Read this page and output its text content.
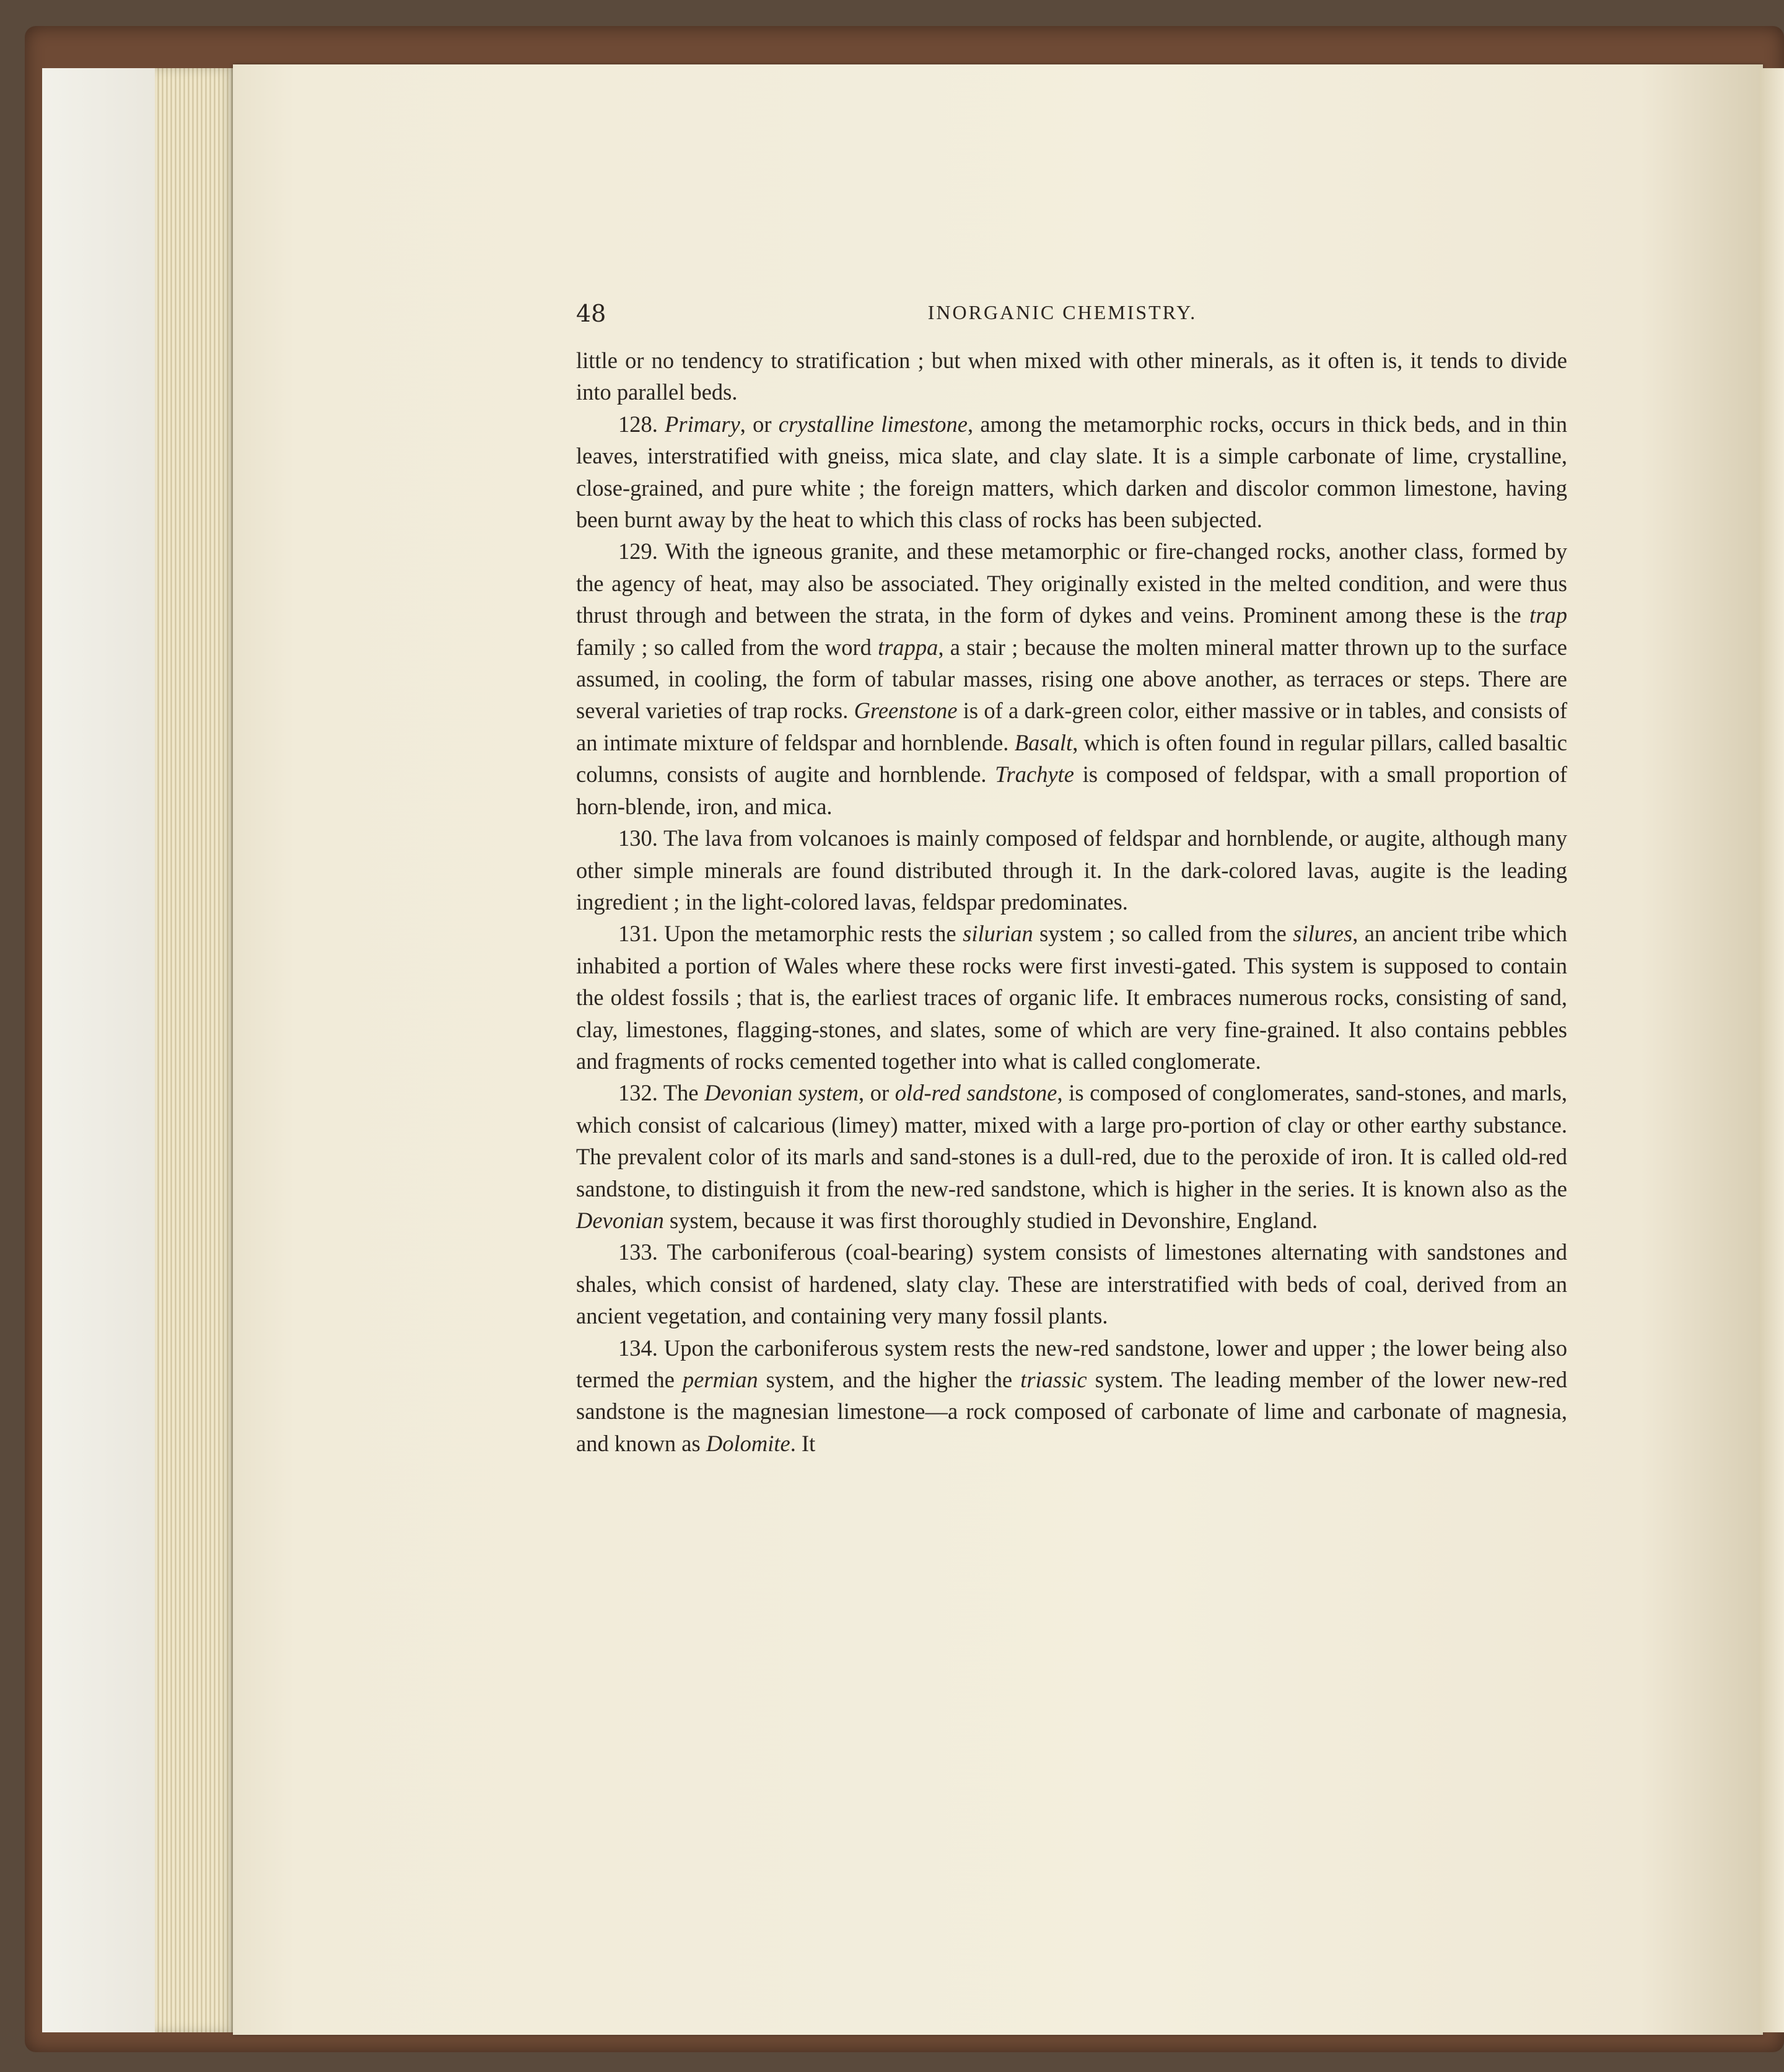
48	INORGANIC CHEMISTRY.

little or no tendency to stratification ; but when mixed with other minerals, as it often is, it tends to divide into parallel beds.

128. Primary, or crystalline limestone, among the metamorphic rocks, occurs in thick beds, and in thin leaves, interstratified with gneiss, mica slate, and clay slate. It is a simple carbonate of lime, crystalline, close-grained, and pure white ; the foreign matters, which darken and discolor common limestone, having been burnt away by the heat to which this class of rocks has been subjected.

129. With the igneous granite, and these metamorphic or fire-changed rocks, another class, formed by the agency of heat, may also be associated. They originally existed in the melted condition, and were thus thrust through and between the strata, in the form of dykes and veins. Prominent among these is the trap family ; so called from the word trappa, a stair ; because the molten mineral matter thrown up to the surface assumed, in cooling, the form of tabular masses, rising one above another, as terraces or steps. There are several varieties of trap rocks. Greenstone is of a dark-green color, either massive or in tables, and consists of an intimate mixture of feldspar and hornblende. Basalt, which is often found in regular pillars, called basaltic columns, consists of augite and hornblende. Trachyte is composed of feldspar, with a small proportion of horn-blende, iron, and mica.

130. The lava from volcanoes is mainly composed of feldspar and hornblende, or augite, although many other simple minerals are found distributed through it. In the dark-colored lavas, augite is the leading ingredient ; in the light-colored lavas, feldspar predominates.

131. Upon the metamorphic rests the silurian system ; so called from the silures, an ancient tribe which inhabited a portion of Wales where these rocks were first investi-gated. This system is supposed to contain the oldest fossils ; that is, the earliest traces of organic life. It embraces numerous rocks, consisting of sand, clay, limestones, flagging-stones, and slates, some of which are very fine-grained. It also contains pebbles and fragments of rocks cemented together into what is called conglomerate.

132. The Devonian system, or old-red sandstone, is composed of conglomerates, sand-stones, and marls, which consist of calcarious (limey) matter, mixed with a large pro-portion of clay or other earthy substance. The prevalent color of its marls and sand-stones is a dull-red, due to the peroxide of iron. It is called old-red sandstone, to distinguish it from the new-red sandstone, which is higher in the series. It is known also as the Devonian system, because it was first thoroughly studied in Devonshire, England.

133. The carboniferous (coal-bearing) system consists of limestones alternating with sandstones and shales, which consist of hardened, slaty clay. These are interstratified with beds of coal, derived from an ancient vegetation, and containing very many fossil plants.

134. Upon the carboniferous system rests the new-red sandstone, lower and upper ; the lower being also termed the permian system, and the higher the triassic system. The leading member of the lower new-red sandstone is the magnesian limestone—a rock composed of carbonate of lime and carbonate of magnesia, and known as Dolomite. It
